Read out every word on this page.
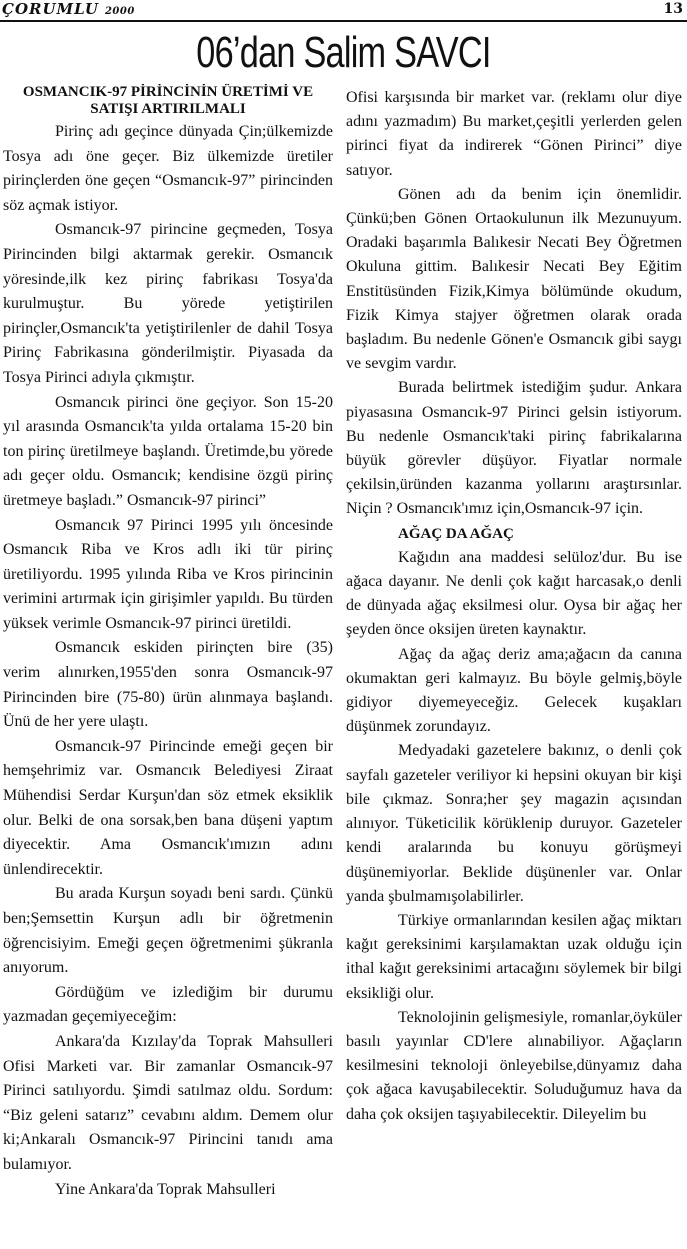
ÇORUMLU 2000	13
06’dan Salim SAVCI
OSMANCIK-97 PİRİNCİNİN ÜRETİMİ VE SATIŞI ARTIRILMALI

Pirinç adı geçince dünyada Çin;ülkemizde Tosya adı öne geçer. Biz ülkemizde üretiler pirinçlerden öne geçen “Osmancık-97” pirincinden söz açmak istiyor.

Osmancık-97 pirincine geçmeden, Tosya Pirincinden bilgi aktarmak gerekir. Osmancık yöresinde,ilk kez pirinç fabrikası Tosya'da kurulmuştur. Bu yörede yetiştirilen pirinçler,Osmancık'ta yetiştirilenler de dahil Tosya Pirinç Fabrikasına gönderilmiştir. Piyasada da Tosya Pirinci adıyla çıkmıştır.

Osmancık pirinci öne geçiyor. Son 15-20 yıl arasında Osmancık'ta yılda ortalama 15-20 bin ton pirinç üretilmeye başlandı. Üretimde,bu yörede adı geçer oldu. Osmancık; kendisine özgü pirinç üretmeye başladı.” Osmancık-97 pirinci”

Osmancık 97 Pirinci 1995 yılı öncesinde Osmancık Riba ve Kros adlı iki tür pirinç üretiliyordu. 1995 yılında Riba ve Kros pirincinin verimini artırmak için girişimler yapıldı. Bu türden yüksek verimle Osmancık-97 pirinci üretildi.

Osmancık eskiden pirinçten bire (35) verim alınırken,1955'den sonra Osmancık-97 Pirincinden bire (75-80) ürün alınmaya başlandı. Ünü de her yere ulaştı.

Osmancık-97 Pirincinde emeği geçen bir hemşehrimiz var. Osmancık Belediyesi Ziraat Mühendisi Serdar Kurşun'dan söz etmek eksiklik olur. Belki de ona sorsak,ben bana düşeni yaptım diyecektir. Ama Osmancık'ımızın adını ünlendirecektir.

Bu arada Kurşun soyadı beni sardı. Çünkü ben;Şemsettin Kurşun adlı bir öğretmenin öğrencisiyim. Emeği geçen öğretmenimi şükranla anıyorum.

Gördüğüm ve izlediğim bir durumu yazmadan geçemiyeceğim:

Ankara'da Kızılay'da Toprak Mahsulleri Ofisi Marketi var. Bir zamanlar Osmancık-97 Pirinci satılıyordu. Şimdi satılmaz oldu. Sordum: “Biz geleni satarız” cevabını aldım. Demem olur ki;Ankaralı Osmancık-97 Pirincini tanıdı ama bulamıyor.

Yine Ankara'da Toprak Mahsulleri

Ofisi karşısında bir market var. (reklamı olur diye adını yazmadım) Bu market,çeşitli yerlerden gelen pirinci fiyat da indirerek “Gönen Pirinci” diye satıyor.

Gönen adı da benim için önemlidir. Çünkü;ben Gönen Ortaokulunun ilk Mezunuyum. Oradaki başarımla Balıkesir Necati Bey Öğretmen Okuluna gittim. Balıkesir Necati Bey Eğitim Enstitüsünden Fizik,Kimya bölümünde okudum, Fizik Kimya stajyer öğretmen olarak orada başladım. Bu nedenle Gönen'e Osmancık gibi saygı ve sevgim vardır.

Burada belirtmek istediğim şudur. Ankara piyasasına Osmancık-97 Pirinci gelsin istiyorum. Bu nedenle Osmancık'taki pirinç fabrikalarına büyük görevler düşüyor. Fiyatlar normale çekilsin,üründen kazanma yollarını araştırsınlar. Niçin ? Osmancık'ımız için,Osmancık-97 için.

AĞAÇ DA AĞAÇ

Kağıdın ana maddesi selüloz'dur. Bu ise ağaca dayanır. Ne denli çok kağıt harcasak,o denli de dünyada ağaç eksilmesi olur. Oysa bir ağaç her şeyden önce oksijen üreten kaynaktır.

Ağaç da ağaç deriz ama;ağacın da canına okumaktan geri kalmayız. Bu böyle gelmiş,böyle gidiyor diyemeyeceğiz. Gelecek kuşakları düşünmek zorundayız.

Medyadaki gazetelere bakınız, o denli çok sayfalı gazeteler veriliyor ki hepsini okuyan bir kişi bile çıkmaz. Sonra;her şey magazin açısından alınıyor. Tüketicilik körüklenip duruyor. Gazeteler kendi aralarında bu konuyu görüşmeyi düşünemiyorlar. Beklide düşünenler var. Onlar yanda şbulmamışolabilirler.

Türkiye ormanlarından kesilen ağaç miktarı kağıt gereksinimi karşılamaktan uzak olduğu için ithal kağıt gereksinimi artacağını söylemek bir bilgi eksikliği olur.

Teknolojinin gelişmesiyle, romanlar,öyküler basılı yayınlar CD'lere alınabiliyor. Ağaçların kesilmesini teknoloji önleyebilse,dünyamız daha çok ağaca kavuşabilecektir. Soluduğumuz hava da daha çok oksijen taşıyabilecektir. Dileyelim bu
